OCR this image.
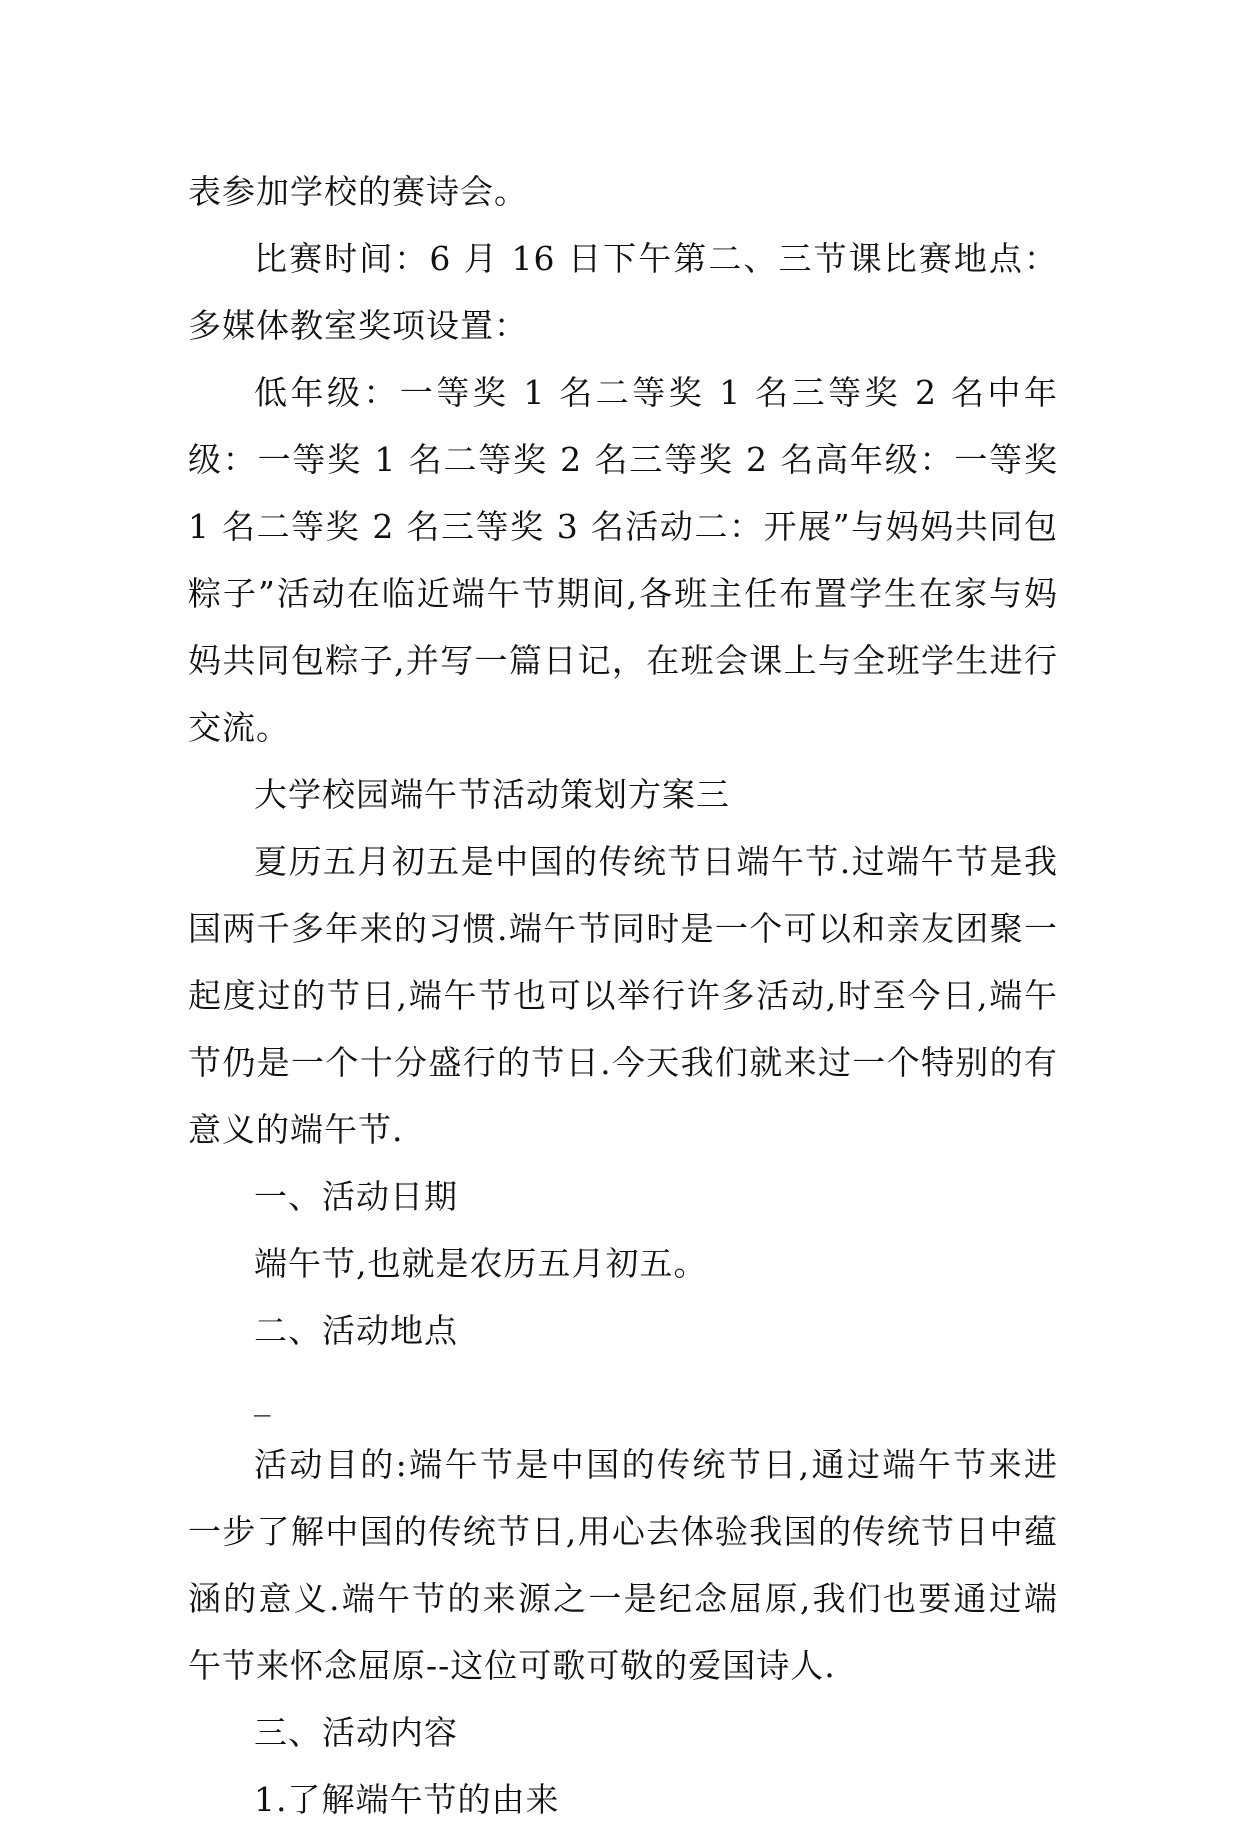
表参加学校的赛诗会。

比赛时间：6 月 16 日下午第二、三节课比赛地点：多媒体教室奖项设置：

低年级：一等奖 1 名二等奖 1 名三等奖 2 名中年级：一等奖 1 名二等奖 2 名三等奖 2 名高年级：一等奖 1 名二等奖 2 名三等奖 3 名活动二：开展”与妈妈共同包粽子”活动在临近端午节期间,各班主任布置学生在家与妈妈共同包粽子,并写一篇日记，在班会课上与全班学生进行交流。

大学校园端午节活动策划方案三

夏历五月初五是中国的传统节日端午节.过端午节是我国两千多年来的习惯.端午节同时是一个可以和亲友团聚一起度过的节日,端午节也可以举行许多活动,时至今日,端午节仍是一个十分盛行的节日.今天我们就来过一个特别的有意义的端午节.

一、活动日期

端午节,也就是农历五月初五。

二、活动地点

_

活动目的:端午节是中国的传统节日,通过端午节来进一步了解中国的传统节日,用心去体验我国的传统节日中蕴涵的意义.端午节的来源之一是纪念屈原,我们也要通过端午节来怀念屈原--这位可歌可敬的爱国诗人.

三、活动内容

1.了解端午节的由来
